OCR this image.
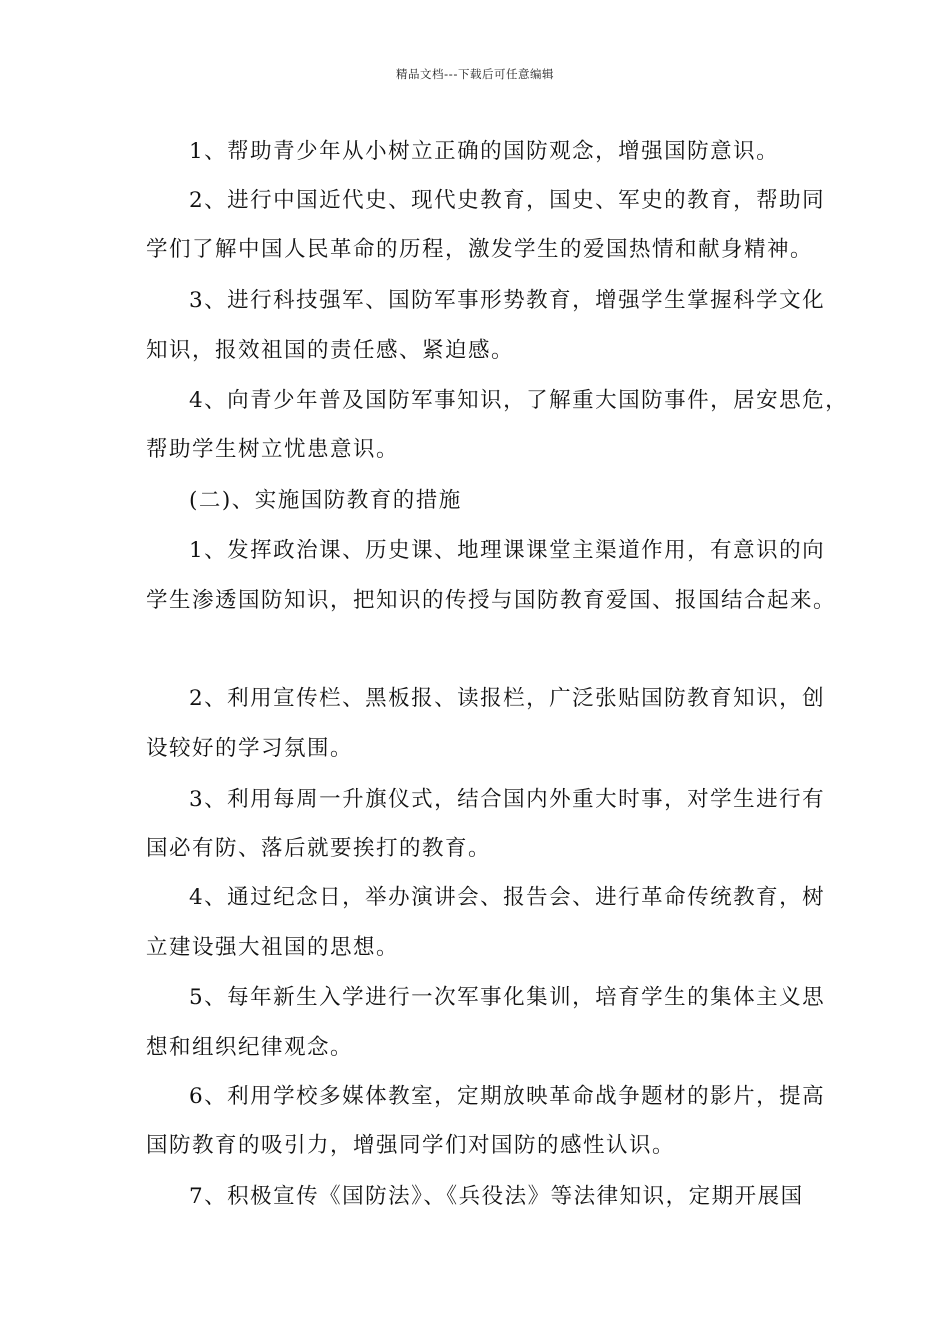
精品文档---下载后可任意编辑
1、帮助青少年从小树立正确的国防观念，增强国防意识。
2、进行中国近代史、现代史教育，国史、军史的教育，帮助同
学们了解中国人民革命的历程，激发学生的爱国热情和献身精神。
3、进行科技强军、国防军事形势教育，增强学生掌握科学文化
知识，报效祖国的责任感、紧迫感。
4、向青少年普及国防军事知识，了解重大国防事件，居安思危，
帮助学生树立忧患意识。
(二)、实施国防教育的措施
1、发挥政治课、历史课、地理课课堂主渠道作用，有意识的向
学生渗透国防知识，把知识的传授与国防教育爱国、报国结合起来。
2、利用宣传栏、黑板报、读报栏，广泛张贴国防教育知识，创
设较好的学习氛围。
3、利用每周一升旗仪式，结合国内外重大时事，对学生进行有
国必有防、落后就要挨打的教育。
4、通过纪念日，举办演讲会、报告会、进行革命传统教育，树
立建设强大祖国的思想。
5、每年新生入学进行一次军事化集训，培育学生的集体主义思
想和组织纪律观念。
6、利用学校多媒体教室，定期放映革命战争题材的影片，提高
国防教育的吸引力，增强同学们对国防的感性认识。
7、积极宣传《国防法》、《兵役法》等法律知识，定期开展国
